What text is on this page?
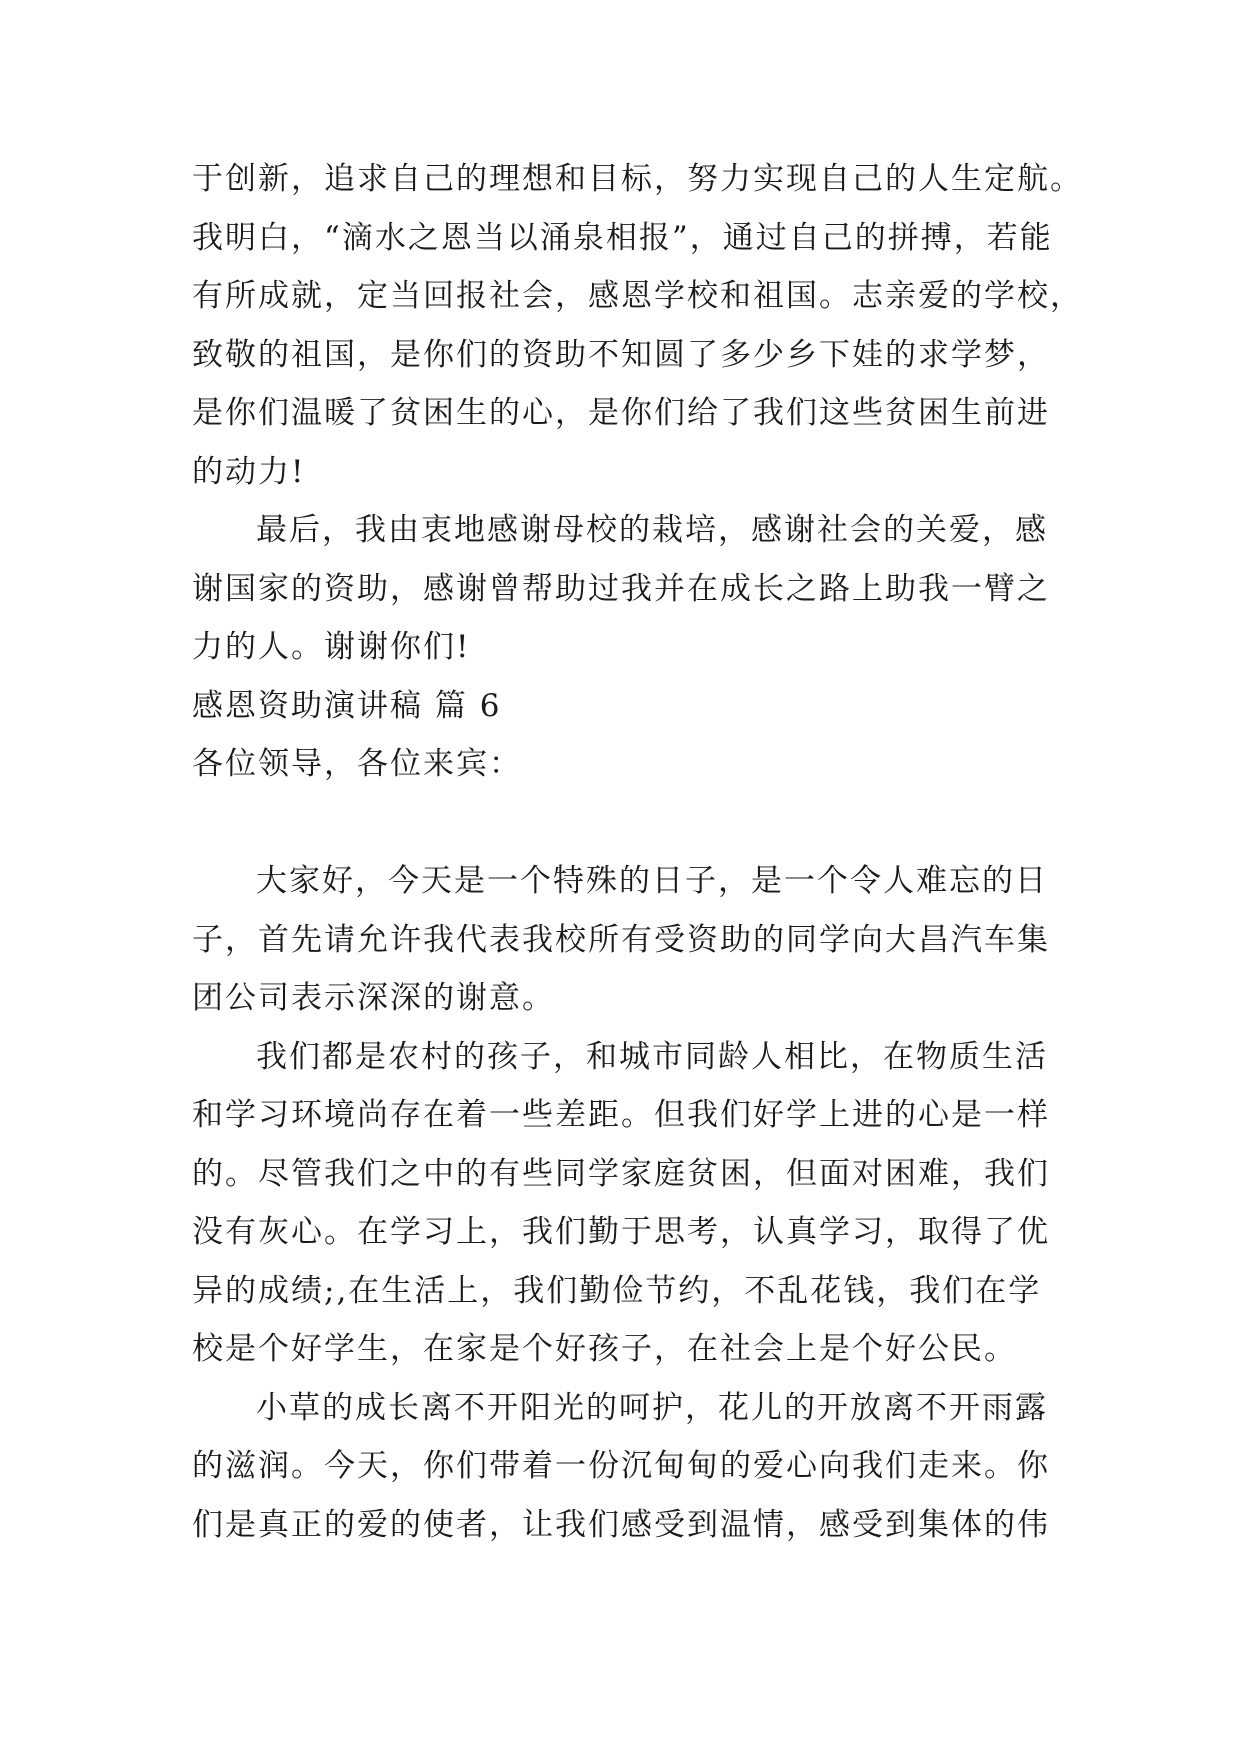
于创新，追求自己的理想和目标，努力实现自己的人生定航。
我明白，“滴水之恩当以涌泉相报”，通过自己的拼搏，若能
有所成就，定当回报社会，感恩学校和祖国。志亲爱的学校，
致敬的祖国，是你们的资助不知圆了多少乡下娃的求学梦，
是你们温暖了贫困生的心，是你们给了我们这些贫困生前进
的动力!
最后，我由衷地感谢母校的栽培，感谢社会的关爱，感
谢国家的资助，感谢曾帮助过我并在成长之路上助我一臂之
力的人。谢谢你们!
感恩资助演讲稿 篇 6
各位领导，各位来宾：
大家好，今天是一个特殊的日子，是一个令人难忘的日
子，首先请允许我代表我校所有受资助的同学向大昌汽车集
团公司表示深深的谢意。
我们都是农村的孩子，和城市同龄人相比，在物质生活
和学习环境尚存在着一些差距。但我们好学上进的心是一样
的。尽管我们之中的有些同学家庭贫困，但面对困难，我们
没有灰心。在学习上，我们勤于思考，认真学习，取得了优
异的成绩;,在生活上，我们勤俭节约，不乱花钱，我们在学
校是个好学生，在家是个好孩子，在社会上是个好公民。
小草的成长离不开阳光的呵护，花儿的开放离不开雨露
的滋润。今天，你们带着一份沉甸甸的爱心向我们走来。你
们是真正的爱的使者，让我们感受到温情，感受到集体的伟
